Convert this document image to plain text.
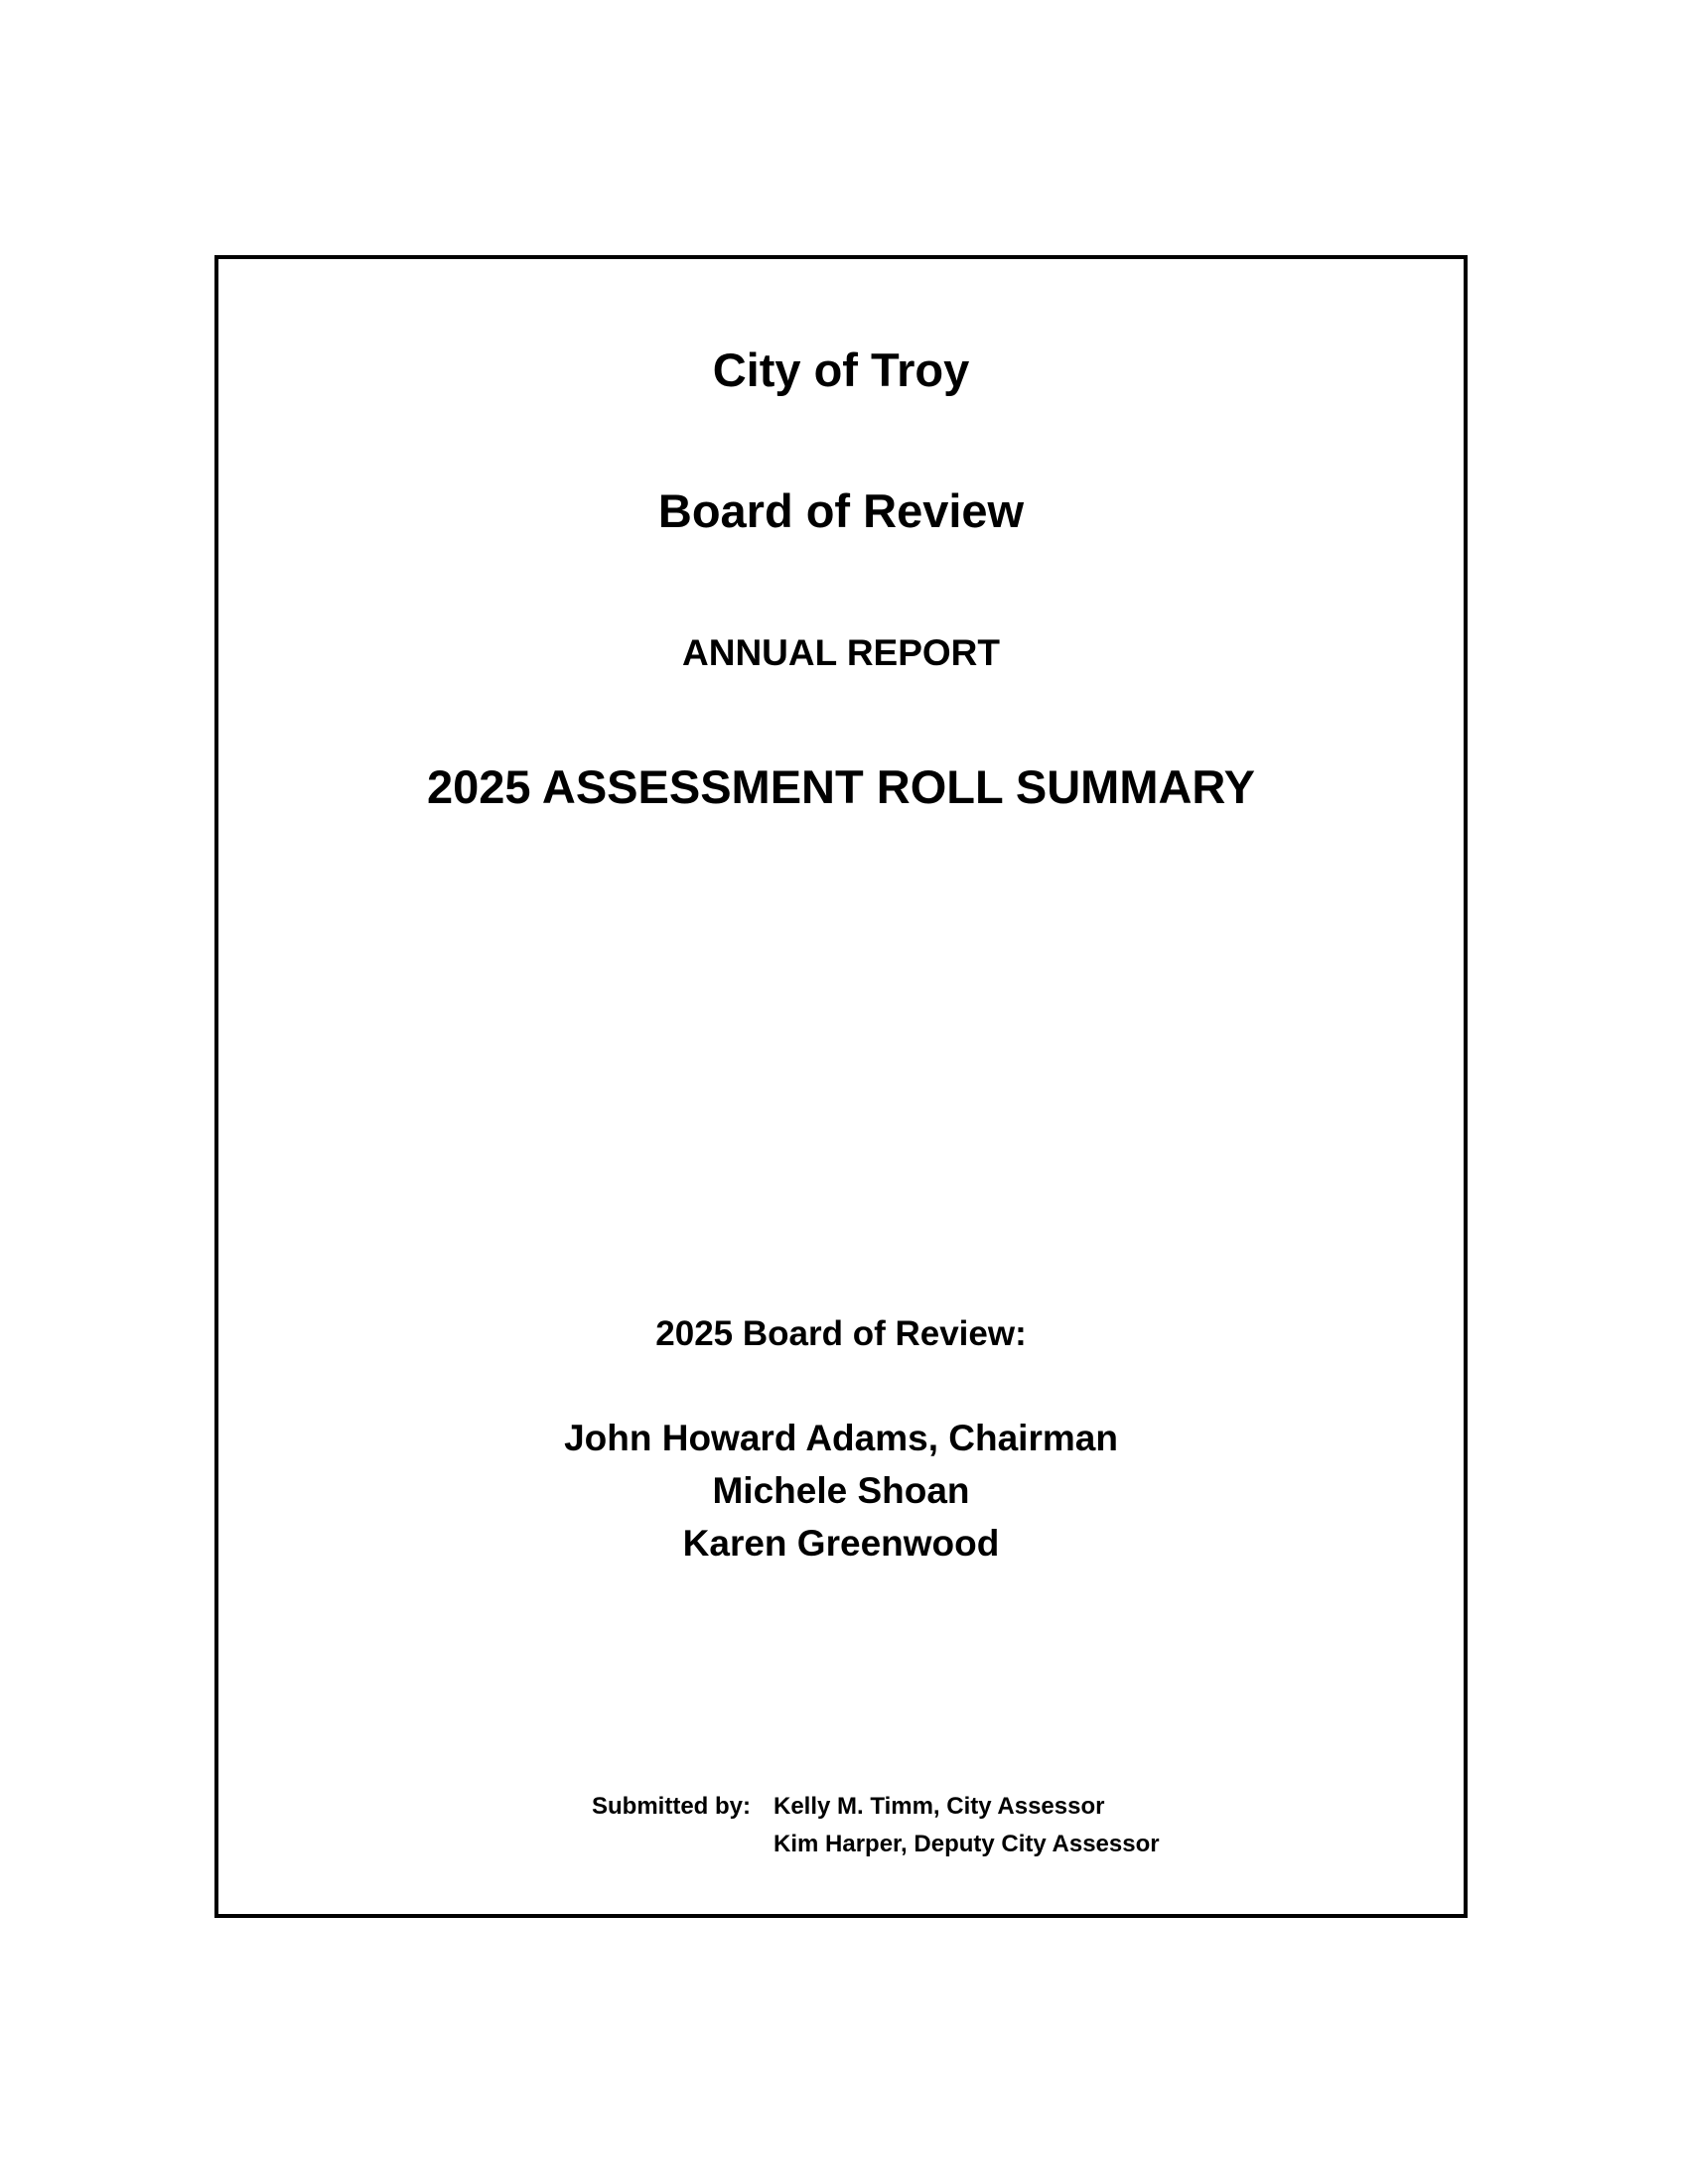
City of Troy
Board of Review
ANNUAL REPORT
2025 ASSESSMENT ROLL SUMMARY
2025 Board of Review:
John Howard Adams, Chairman
Michele Shoan
Karen Greenwood
Submitted by: Kelly M. Timm, City Assessor
Kim Harper, Deputy City Assessor
